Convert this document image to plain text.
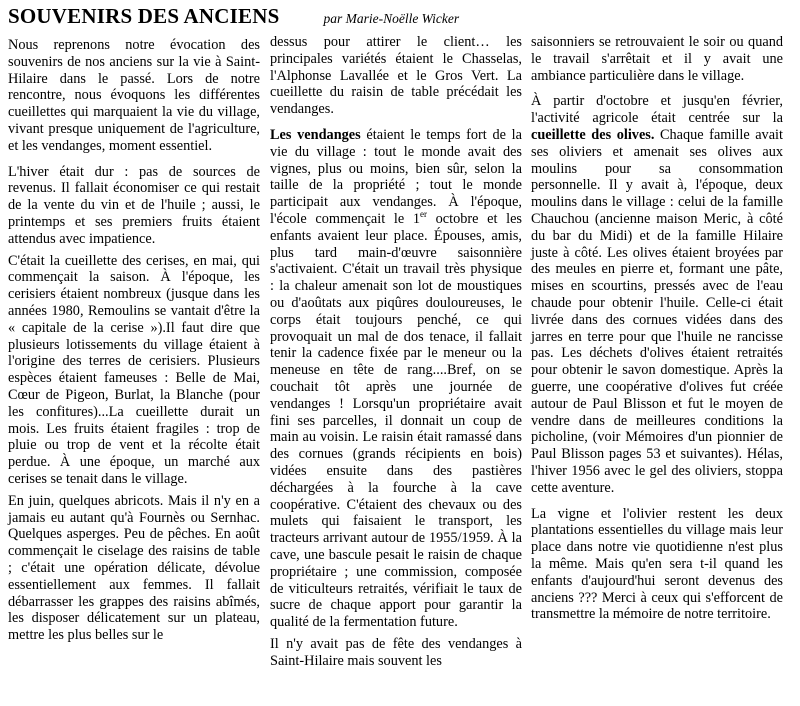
SOUVENIRS DES ANCIENS	par Marie-Noëlle Wicker

Nous reprenons notre évocation des souvenirs de nos anciens sur la vie à Saint-Hilaire dans le passé. Lors de notre rencontre, nous évoquons les différentes cueillettes qui marquaient la vie du village, vivant presque uniquement de l'agriculture, et les vendanges, moment essentiel.

L'hiver était dur : pas de sources de revenus. Il fallait économiser ce qui restait de la vente du vin et de l'huile ; aussi, le printemps et ses premiers fruits étaient attendus avec impatience.

C'était la cueillette des cerises, en mai, qui commençait la saison. À l'époque, les cerisiers étaient nombreux (jusque dans les années 1980, Remoulins se vantait d'être la « capitale de la cerise »).Il faut dire que plusieurs lotissements du village étaient à l'origine des terres de cerisiers. Plusieurs espèces étaient fameuses : Belle de Mai, Cœur de Pigeon, Burlat, la Blanche (pour les confitures)...La cueillette durait un mois. Les fruits étaient fragiles : trop de pluie ou trop de vent et la récolte était perdue. À une époque, un marché aux cerises se tenait dans le village.

En juin, quelques abricots. Mais il n'y en a jamais eu autant qu'à Fournès ou Sernhac. Quelques asperges. Peu de pêches. En août commençait le ciselage des raisins de table ; c'était une opération délicate, dévolue essentiellement aux femmes. Il fallait débarrasser les grappes des raisins abîmés, les disposer délicatement sur un plateau, mettre les plus belles sur le

dessus pour attirer le client… les principales variétés étaient le Chasselas, l'Alphonse Lavallée et le Gros Vert. La cueillette du raisin de table précédait les vendanges.

Les vendanges étaient le temps fort de la vie du village : tout le monde avait des vignes, plus ou moins, bien sûr, selon la taille de la propriété ; tout le monde participait aux vendanges. À l'époque, l'école commençait le 1er octobre et les enfants avaient leur place. Épouses, amis, plus tard main-d'œuvre saisonnière s'activaient. C'était un travail très physique : la chaleur amenait son lot de moustiques ou d'aoûtats aux piqûres douloureuses, le corps était toujours penché, ce qui provoquait un mal de dos tenace, il fallait tenir la cadence fixée par le meneur ou la meneuse en tête de rang....Bref, on se couchait tôt après une journée de vendanges ! Lorsqu'un propriétaire avait fini ses parcelles, il donnait un coup de main au voisin. Le raisin était ramassé dans des cornues (grands récipients en bois) vidées ensuite dans des pastières déchargées à la fourche à la cave coopérative. C'étaient des chevaux ou des mulets qui faisaient le transport, les tracteurs arrivant autour de 1955/1959. À la cave, une bascule pesait le raisin de chaque propriétaire ; une commission, composée de viticulteurs retraités, vérifiait le taux de sucre de chaque apport pour garantir la qualité de la fermentation future.

Il n'y avait pas de fête des vendanges à Saint-Hilaire mais souvent les

saisonniers se retrouvaient le soir ou quand le travail s'arrêtait et il y avait une ambiance particulière dans le village.

À partir d'octobre et jusqu'en février, l'activité agricole était centrée sur la cueillette des olives. Chaque famille avait ses oliviers et amenait ses olives aux moulins pour sa consommation personnelle. Il y avait à, l'époque, deux moulins dans le village : celui de la famille Chauchou (ancienne maison Meric, à côté du bar du Midi) et de la famille Hilaire juste à côté. Les olives étaient broyées par des meules en pierre et, formant une pâte, mises en scourtins, pressés avec de l'eau chaude pour obtenir l'huile. Celle-ci était livrée dans des cornues vidées dans des jarres en terre pour que l'huile ne rancisse pas. Les déchets d'olives étaient retraités pour obtenir le savon domestique. Après la guerre, une coopérative d'olives fut créée autour de Paul Blisson et fut le moyen de vendre dans de meilleures conditions la picholine, (voir Mémoires d'un pionnier de Paul Blisson pages 53 et suivantes). Hélas, l'hiver 1956 avec le gel des oliviers, stoppa cette aventure.

La vigne et l'olivier restent les deux plantations essentielles du village mais leur place dans notre vie quotidienne n'est plus la même. Mais qu'en sera t-il quand les enfants d'aujourd'hui seront devenus des anciens ??? Merci à ceux qui s'efforcent de transmettre la mémoire de notre territoire.
